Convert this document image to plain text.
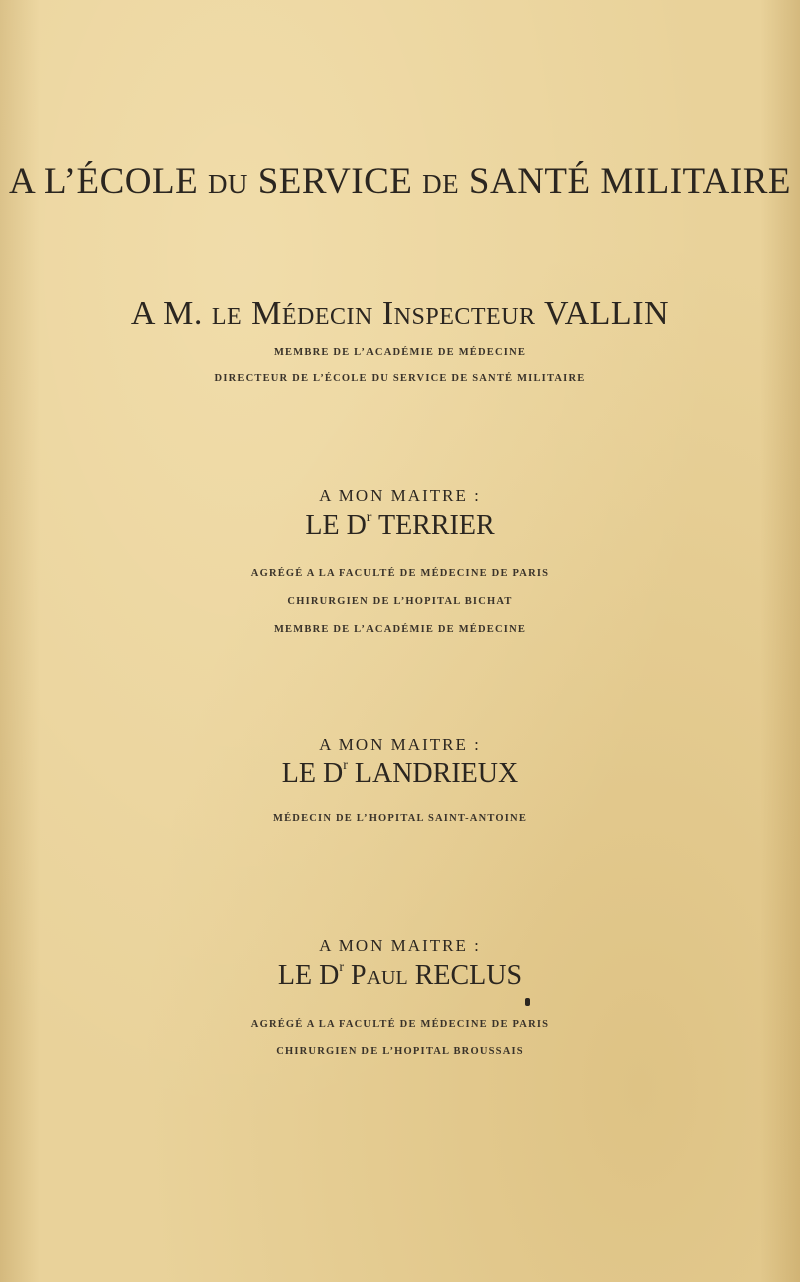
A L’ÉCOLE DU SERVICE DE SANTÉ MILITAIRE
A M. le Médecin Inspecteur VALLIN
MEMBRE DE L’ACADÉMIE DE MÉDECINE
DIRECTEUR DE L’ÉCOLE DU SERVICE DE SANTÉ MILITAIRE
A MON MAITRE :
LE $D^r$ TERRIER
AGRÉGÉ A LA FACULTÉ DE MÉDECINE DE PARIS
CHIRURGIEN DE L’HOPITAL BICHAT
MEMBRE DE L’ACADÉMIE DE MÉDECINE
A MON MAITRE :
LE $D^r$ LANDRIEUX
MÉDECIN DE L’HOPITAL SAINT-ANTOINE
A MON MAITRE :
LE $D^r$ Paul RECLUS
AGRÉGÉ A LA FACULTÉ DE MÉDECINE DE PARIS
CHIRURGIEN DE L’HOPITAL BROUSSAIS
